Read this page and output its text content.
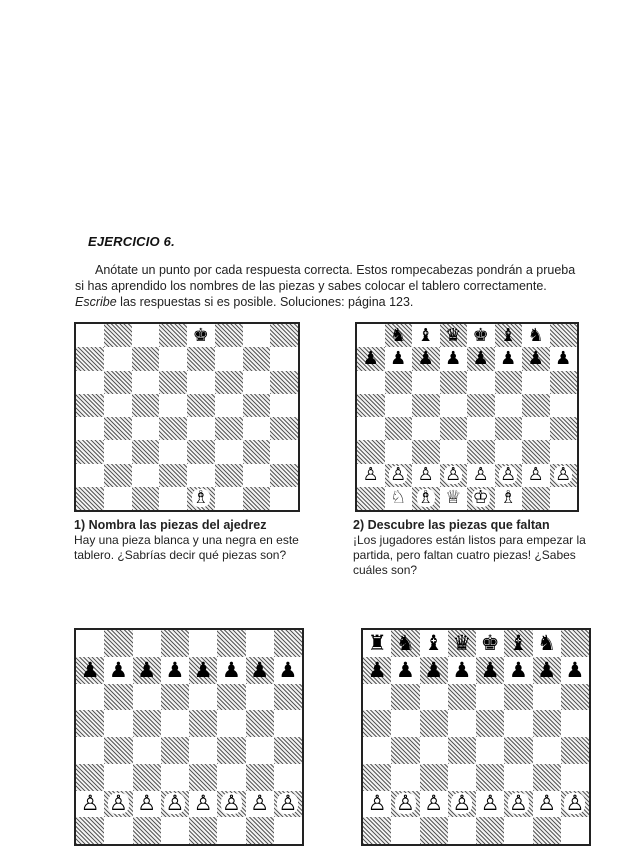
EJERCICIO 6.
Anótate un punto por cada respuesta correcta. Estos rompecabezas pondrán a prueba si has aprendido los nombres de las piezas y sabes colocar el tablero correctamente. Escribe las respuestas si es posible. Soluciones: página 123.
♚
♗
1) Nombra las piezas del ajedrez
Hay una pieza blanca y una negra en este tablero. ¿Sabrías decir qué piezas son?
♞ ♝ ♛ ♚ ♝ ♞
♟ ♟ ♟ ♟ ♟ ♟ ♟ ♟
♙ ♙ ♙ ♙ ♙ ♙ ♙ ♙
♘ ♗ ♕ ♔ ♗
2) Descubre las piezas que faltan
¡Los jugadores están listos para empezar la partida, pero faltan cuatro piezas! ¿Sabes cuáles son?
♟ ♟ ♟ ♟ ♟ ♟ ♟ ♟
♙ ♙ ♙ ♙ ♙ ♙ ♙ ♙
♜ ♞ ♝ ♛ ♚ ♝ ♞
♟ ♟ ♟ ♟ ♟ ♟ ♟ ♟
♙ ♙ ♙ ♙ ♙ ♙ ♙ ♙
